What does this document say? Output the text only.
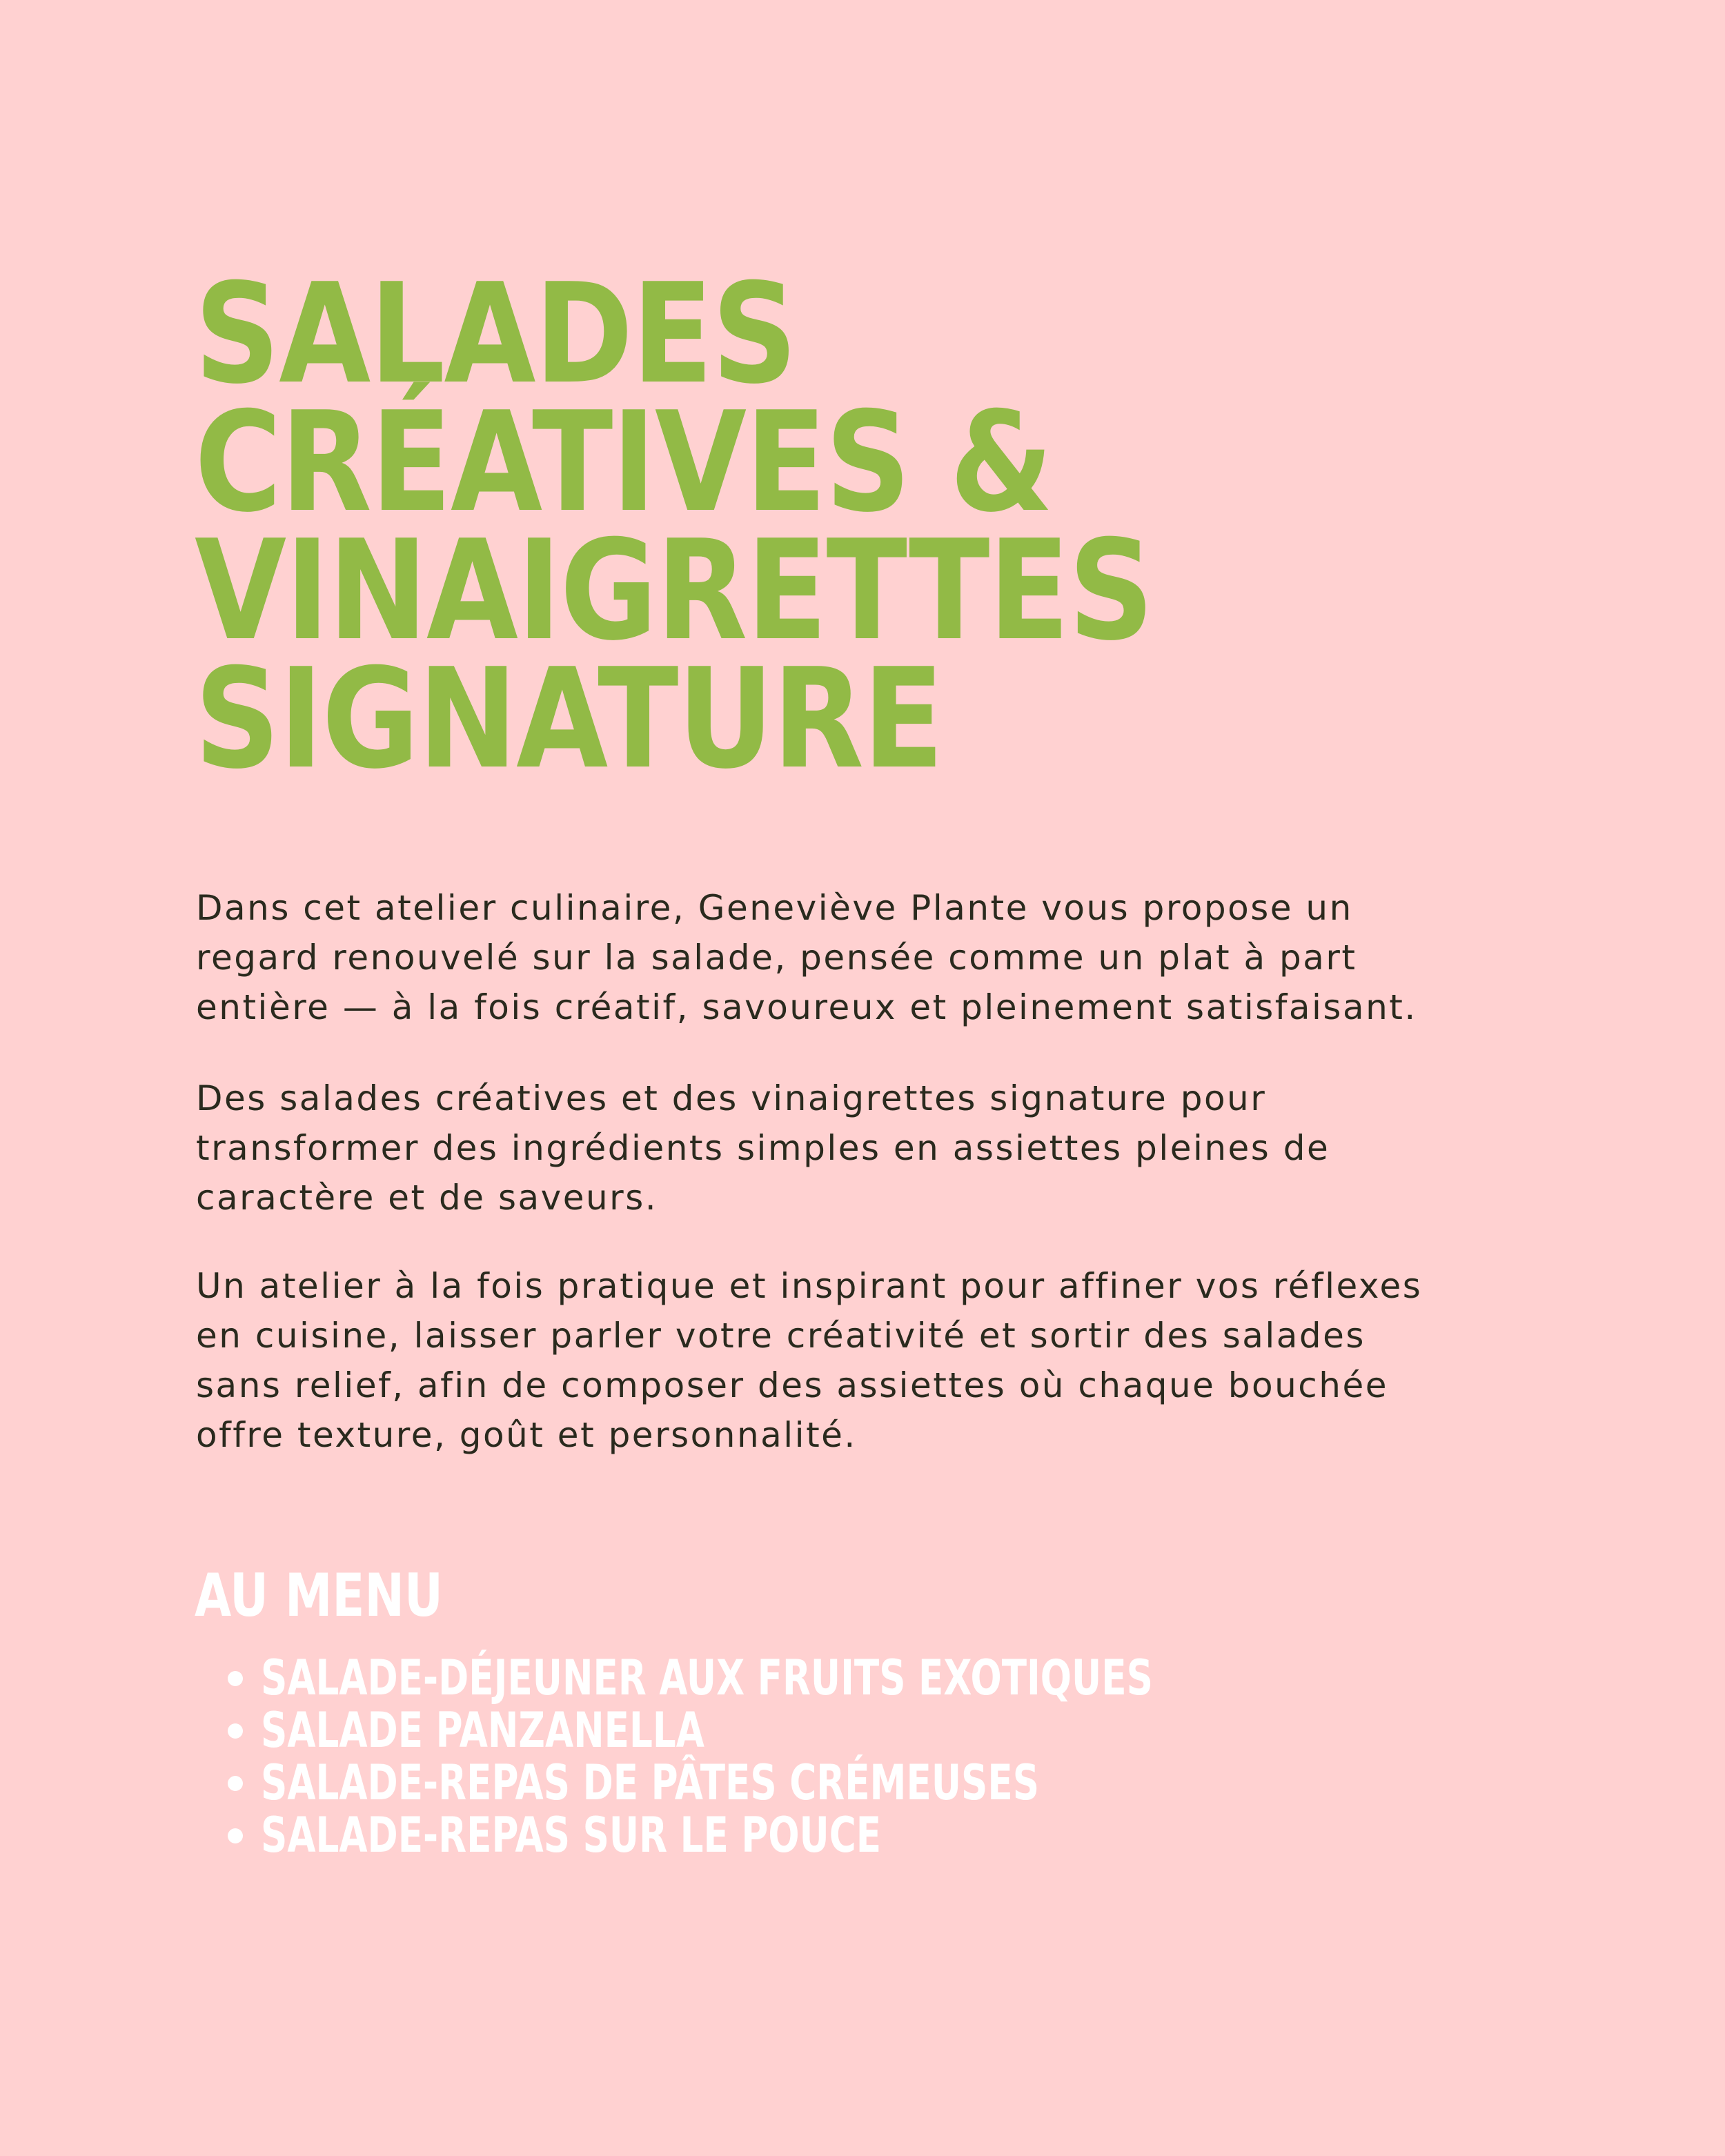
SALADES
CRÉATIVES &
VINAIGRETTES
SIGNATURE

Dans cet atelier culinaire, Geneviève Plante vous propose un
regard renouvelé sur la salade, pensée comme un plat à part
entière — à la fois créatif, savoureux et pleinement satisfaisant.

Des salades créatives et des vinaigrettes signature pour
transformer des ingrédients simples en assiettes pleines de
caractère et de saveurs.

Un atelier à la fois pratique et inspirant pour affiner vos réflexes
en cuisine, laisser parler votre créativité et sortir des salades
sans relief, afin de composer des assiettes où chaque bouchée
offre texture, goût et personnalité.

AU MENU
SALADE-DÉJEUNER AUX FRUITS EXOTIQUES
SALADE PANZANELLA
SALADE-REPAS DE PÂTES CRÉMEUSES
SALADE-REPAS SUR LE POUCE
